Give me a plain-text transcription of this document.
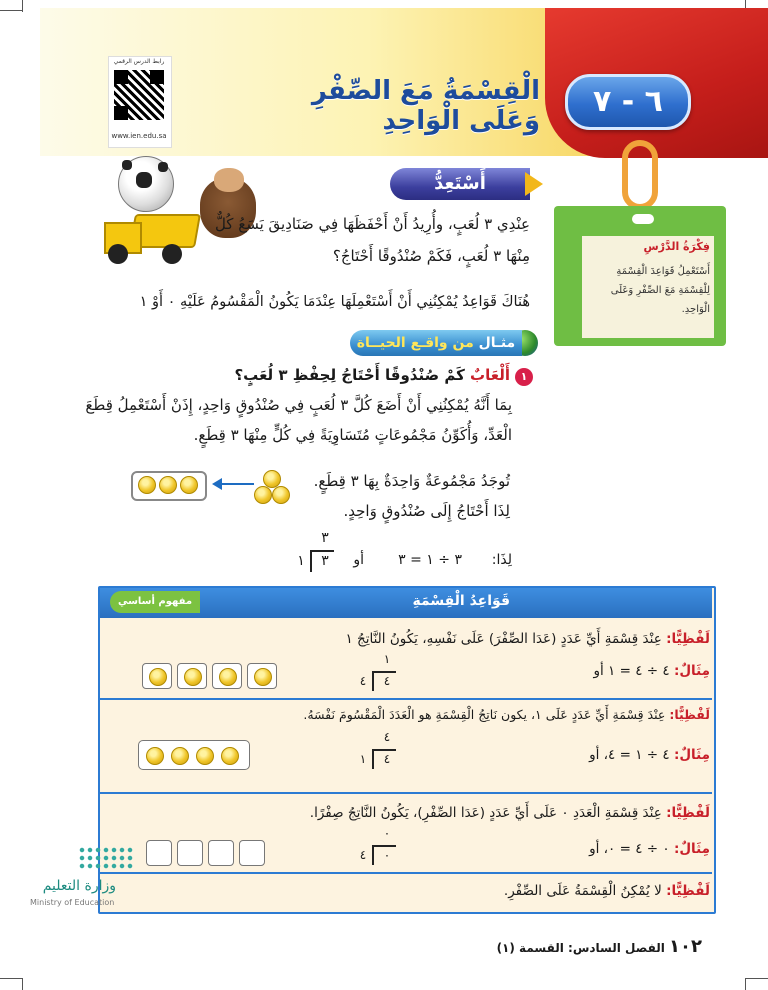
٦ - ٧
الْقِسْمَةُ مَعَ الصِّفْرِ وَعَلَى الْوَاحِدِ
رابط الدرس الرقمي
www.ien.edu.sa
أَسْتَعِدُّ
عِنْدِي ٣ لُعَبٍ، وأُرِيدُ أَنْ أَحْفَظَهَا فِي صَنَادِيقَ يَسَعُ كُلٌّ مِنْهَا ٣ لُعَبٍ، فَكَمْ صُنْدُوقًا أَحْتَاجُ؟
هُنَاكَ قَوَاعِدُ يُمْكِنُنِي أَنْ أَسْتَعْمِلَهَا عِنْدَمَا يَكُونُ الْمَقْسُومُ عَلَيْهِ ٠ أَوْ ١
فِكْرَةُ الدَّرْسِ
أَسْتَعْمِلُ قَوَاعِدَ الْقِسْمَةِ لِلْقِسْمَةِ مَعَ الصِّفْرِ وَعَلَى الْوَاحِدِ.
مثـال من واقـع الحيــاة
١
أَلْعَابٌ كَمْ صُنْدُوقًا أَحْتَاجُ لِحِفْظِ ٣ لُعَبٍ؟
بِمَا أَنَّهُ يُمْكِنُنِي أَنْ أَضَعَ كُلَّ ٣ لُعَبٍ فِي صُنْدُوقٍ وَاحِدٍ، إِذَنْ أَسْتَعْمِلُ قِطَعَ الْعَدِّ، وَأُكَوِّنُ مَجْمُوعَاتٍ مُتَسَاوِيَةً فِي كُلٍّ مِنْهَا ٣ قِطَعٍ.
تُوجَدُ مَجْمُوعَةٌ وَاحِدَةٌ بِهَا ٣ قِطَعٍ.
لِذَا أَحْتَاجُ إِلَى صُنْدُوقٍ وَاحِدٍ.
لِذَا:
٣ ÷ ١ = ٣
أو
٣
٣
١
قَوَاعِدُ الْقِسْمَةِ
مفهوم أساسي
لَفْظِيًّا: عِنْدَ قِسْمَةِ أَيِّ عَدَدٍ (عَدَا الصِّفْرَ) عَلَى نَفْسِهِ، يَكُونُ النَّاتِجُ ١
مِثَالٌ: ٤ ÷ ٤ = ١ أو
١
٤
٤
لَفْظِيًّا: عِنْدَ قِسْمَةِ أَيِّ عَدَدٍ عَلَى ١، يكون نَاتِجُ الْقِسْمَةِ هو الْعَدَدَ الْمَقْسُومَ نَفْسَهُ.
مِثَالٌ: ٤ ÷ ١ = ٤، أو
٤
٤
١
لَفْظِيًّا: عِنْدَ قِسْمَةِ الْعَدَدِ ٠ عَلَى أَيِّ عَدَدٍ (عَدَا الصِّفْرِ)، يَكُونُ النَّاتِجُ صِفْرًا.
مِثَالٌ: ٠ ÷ ٤ = ٠، أو
٠
٠
٤
لَفْظِيًّا: لا يُمْكِنُ الْقِسْمَةُ عَلَى الصِّفْرِ.
وزارة التعليم
Ministry of Education
١٠٢ الفصل السادس: القسمة (١)
